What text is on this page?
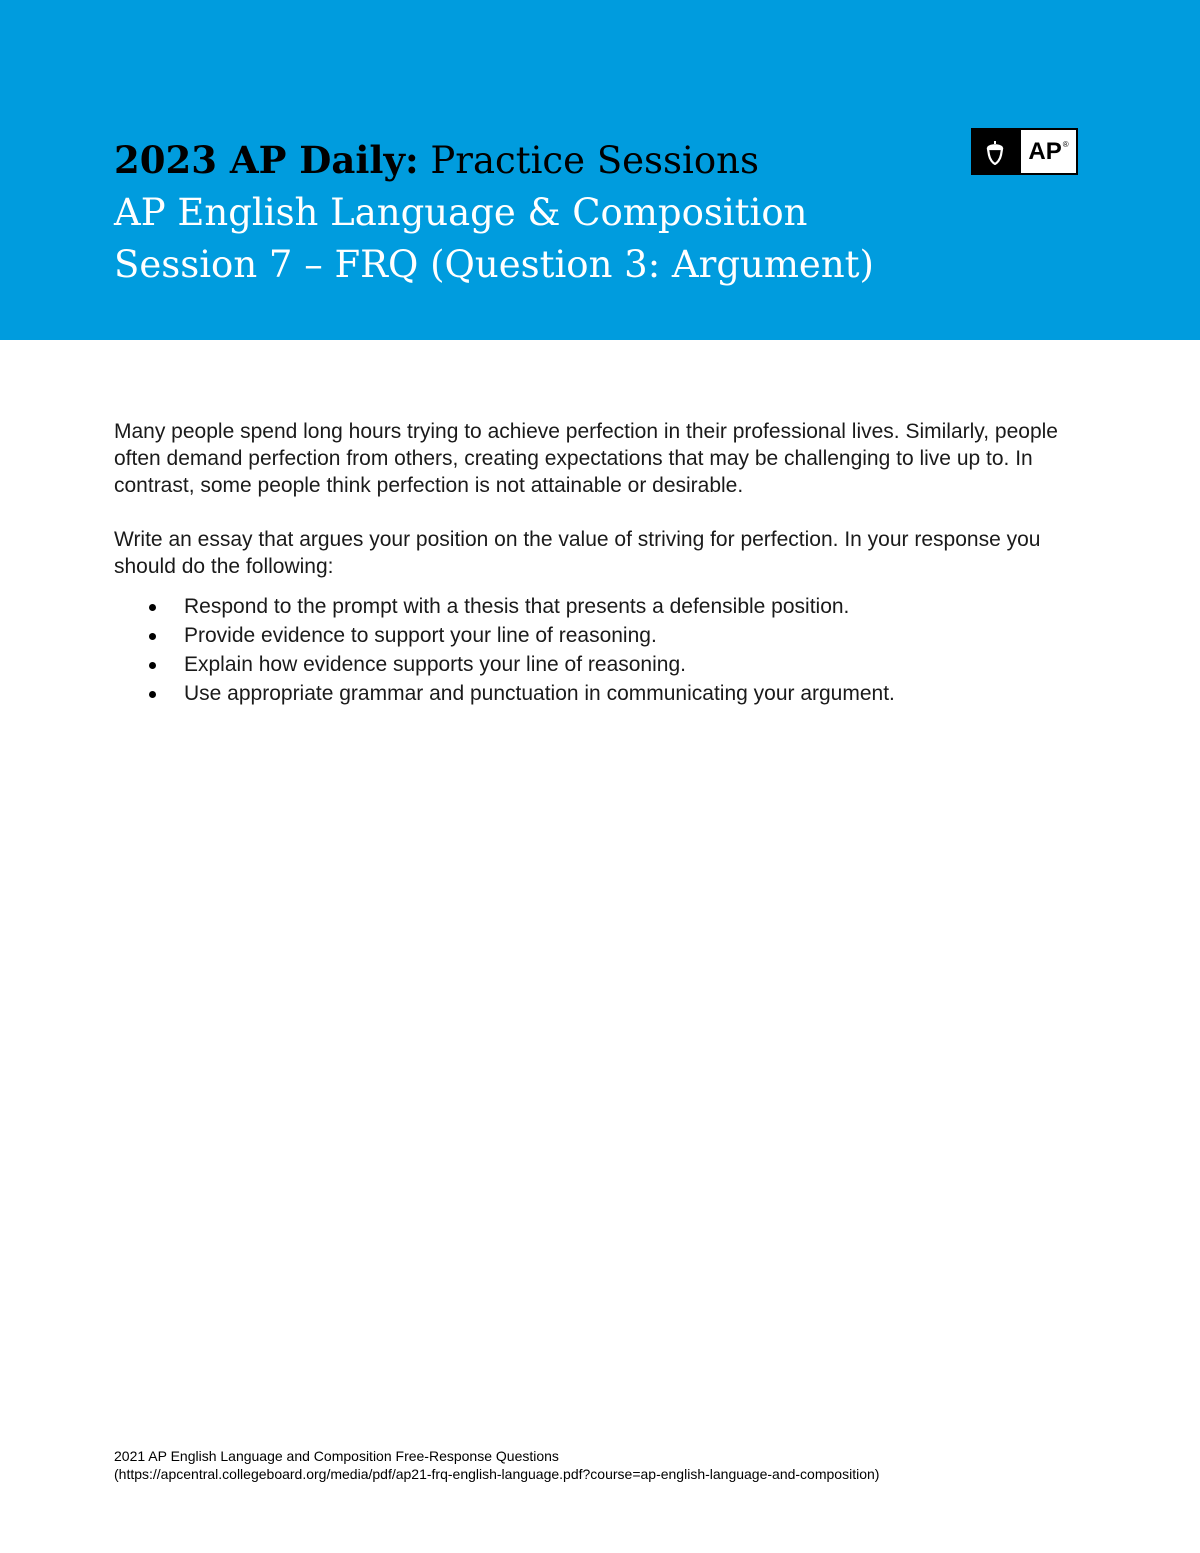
2023 AP Daily: Practice Sessions
AP English Language & Composition
Session 7 – FRQ (Question 3: Argument)
AP®

Many people spend long hours trying to achieve perfection in their professional lives. Similarly, people often demand perfection from others, creating expectations that may be challenging to live up to. In contrast, some people think perfection is not attainable or desirable.

Write an essay that argues your position on the value of striving for perfection. In your response you should do the following:

Respond to the prompt with a thesis that presents a defensible position.
Provide evidence to support your line of reasoning.
Explain how evidence supports your line of reasoning.
Use appropriate grammar and punctuation in communicating your argument.
2021 AP English Language and Composition Free-Response Questions
(https://apcentral.collegeboard.org/media/pdf/ap21-frq-english-language.pdf?course=ap-english-language-and-composition)
